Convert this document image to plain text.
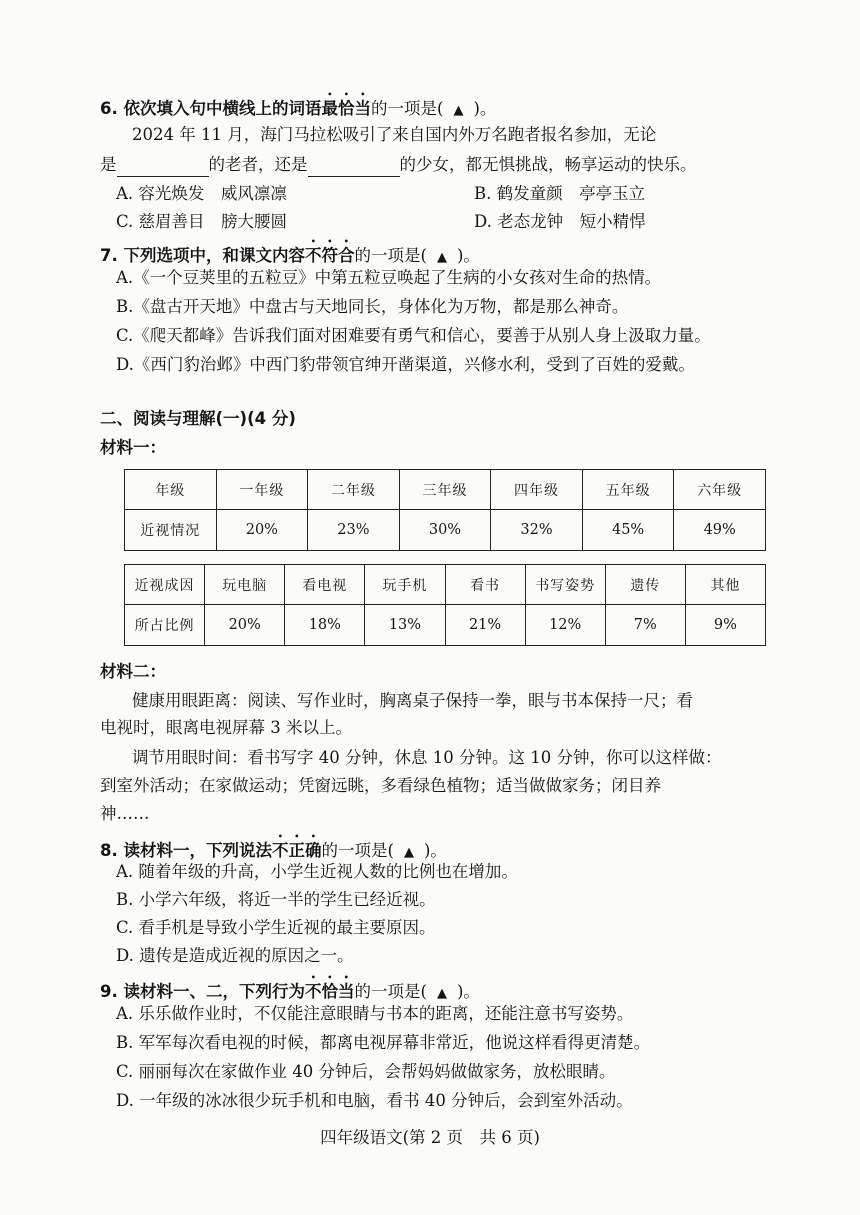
6. 依次填入句中横线上的词语最恰当的一项是( ▲ )。
2024 年 11 月，海门马拉松吸引了来自国内外万名跑者报名参加，无论
是	的老者，还是	的少女，都无惧挑战，畅享运动的快乐。
A. 容光焕发　威风凛凛	B. 鹤发童颜　亭亭玉立
C. 慈眉善目　膀大腰圆	D. 老态龙钟　短小精悍
7. 下列选项中，和课文内容不符合的一项是( ▲ )。
A.《一个豆荚里的五粒豆》中第五粒豆唤起了生病的小女孩对生命的热情。
B.《盘古开天地》中盘古与天地同长，身体化为万物，都是那么神奇。
C.《爬天都峰》告诉我们面对困难要有勇气和信心，要善于从别人身上汲取力量。
D.《西门豹治邺》中西门豹带领官绅开凿渠道，兴修水利，受到了百姓的爱戴。
二、阅读与理解(一)(4 分)
材料一：
年级	一年级	二年级	三年级	四年级	五年级	六年级
近视情况	20%	23%	30%	32%	45%	49%
近视成因	玩电脑	看电视	玩手机	看书	书写姿势	遗传	其他
所占比例	20%	18%	13%	21%	12%	7%	9%
材料二：
健康用眼距离：阅读、写作业时，胸离桌子保持一拳，眼与书本保持一尺；看
电视时，眼离电视屏幕 3 米以上。
调节用眼时间：看书写字 40 分钟，休息 10 分钟。这 10 分钟，你可以这样做：
到室外活动；在家做运动；凭窗远眺，多看绿色植物；适当做做家务；闭目养
神……
8. 读材料一，下列说法不正确的一项是( ▲ )。
A. 随着年级的升高，小学生近视人数的比例也在增加。
B. 小学六年级，将近一半的学生已经近视。
C. 看手机是导致小学生近视的最主要原因。
D. 遗传是造成近视的原因之一。
9. 读材料一、二，下列行为不恰当的一项是( ▲ )。
A. 乐乐做作业时，不仅能注意眼睛与书本的距离，还能注意书写姿势。
B. 军军每次看电视的时候，都离电视屏幕非常近，他说这样看得更清楚。
C. 丽丽每次在家做作业 40 分钟后，会帮妈妈做做家务，放松眼睛。
D. 一年级的冰冰很少玩手机和电脑，看书 40 分钟后，会到室外活动。
四年级语文(第 2 页　共 6 页)
